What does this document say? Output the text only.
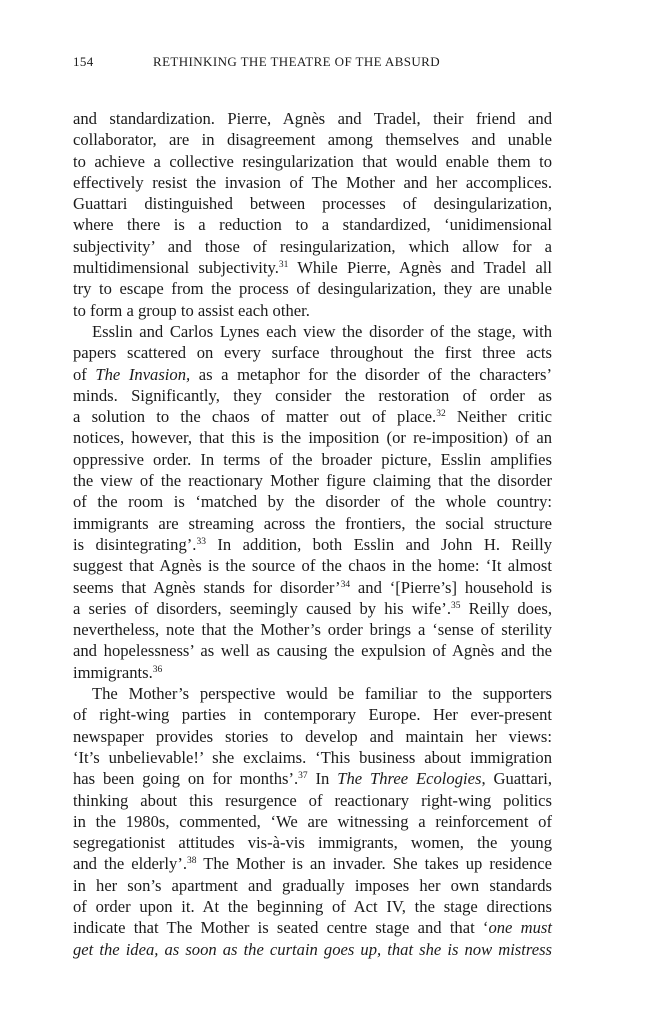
154	RETHINKING THE THEATRE OF THE ABSURD
and standardization. Pierre, Agnès and Tradel, their friend and
collaborator, are in disagreement among themselves and unable
to achieve a collective resingularization that would enable them to
effectively resist the invasion of The Mother and her accomplices.
Guattari distinguished between processes of desingularization,
where there is a reduction to a standardized, ‘unidimensional
subjectivity’ and those of resingularization, which allow for a
multidimensional subjectivity.$^{31}$ While Pierre, Agnès and Tradel all
try to escape from the process of desingularization, they are unable
to form a group to assist each other.
Esslin and Carlos Lynes each view the disorder of the stage, with
papers scattered on every surface throughout the first three acts
of The Invasion, as a metaphor for the disorder of the characters’
minds. Significantly, they consider the restoration of order as
a solution to the chaos of matter out of place.$^{32}$ Neither critic
notices, however, that this is the imposition (or re-imposition) of an
oppressive order. In terms of the broader picture, Esslin amplifies
the view of the reactionary Mother figure claiming that the disorder
of the room is ‘matched by the disorder of the whole country:
immigrants are streaming across the frontiers, the social structure
is disintegrating’.$^{33}$ In addition, both Esslin and John H. Reilly
suggest that Agnès is the source of the chaos in the home: ‘It almost
seems that Agnès stands for disorder’$^{34}$ and ‘[Pierre’s] household is
a series of disorders, seemingly caused by his wife’.$^{35}$ Reilly does,
nevertheless, note that the Mother’s order brings a ‘sense of sterility
and hopelessness’ as well as causing the expulsion of Agnès and the
immigrants.$^{36}$
The Mother’s perspective would be familiar to the supporters
of right-wing parties in contemporary Europe. Her ever-present
newspaper provides stories to develop and maintain her views:
‘It’s unbelievable!’ she exclaims. ‘This business about immigration
has been going on for months’.$^{37}$ In The Three Ecologies, Guattari,
thinking about this resurgence of reactionary right-wing politics
in the 1980s, commented, ‘We are witnessing a reinforcement of
segregationist attitudes vis-à-vis immigrants, women, the young
and the elderly’.$^{38}$ The Mother is an invader. She takes up residence
in her son’s apartment and gradually imposes her own standards
of order upon it. At the beginning of Act IV, the stage directions
indicate that The Mother is seated centre stage and that ‘one must
get the idea, as soon as the curtain goes up, that she is now mistress
